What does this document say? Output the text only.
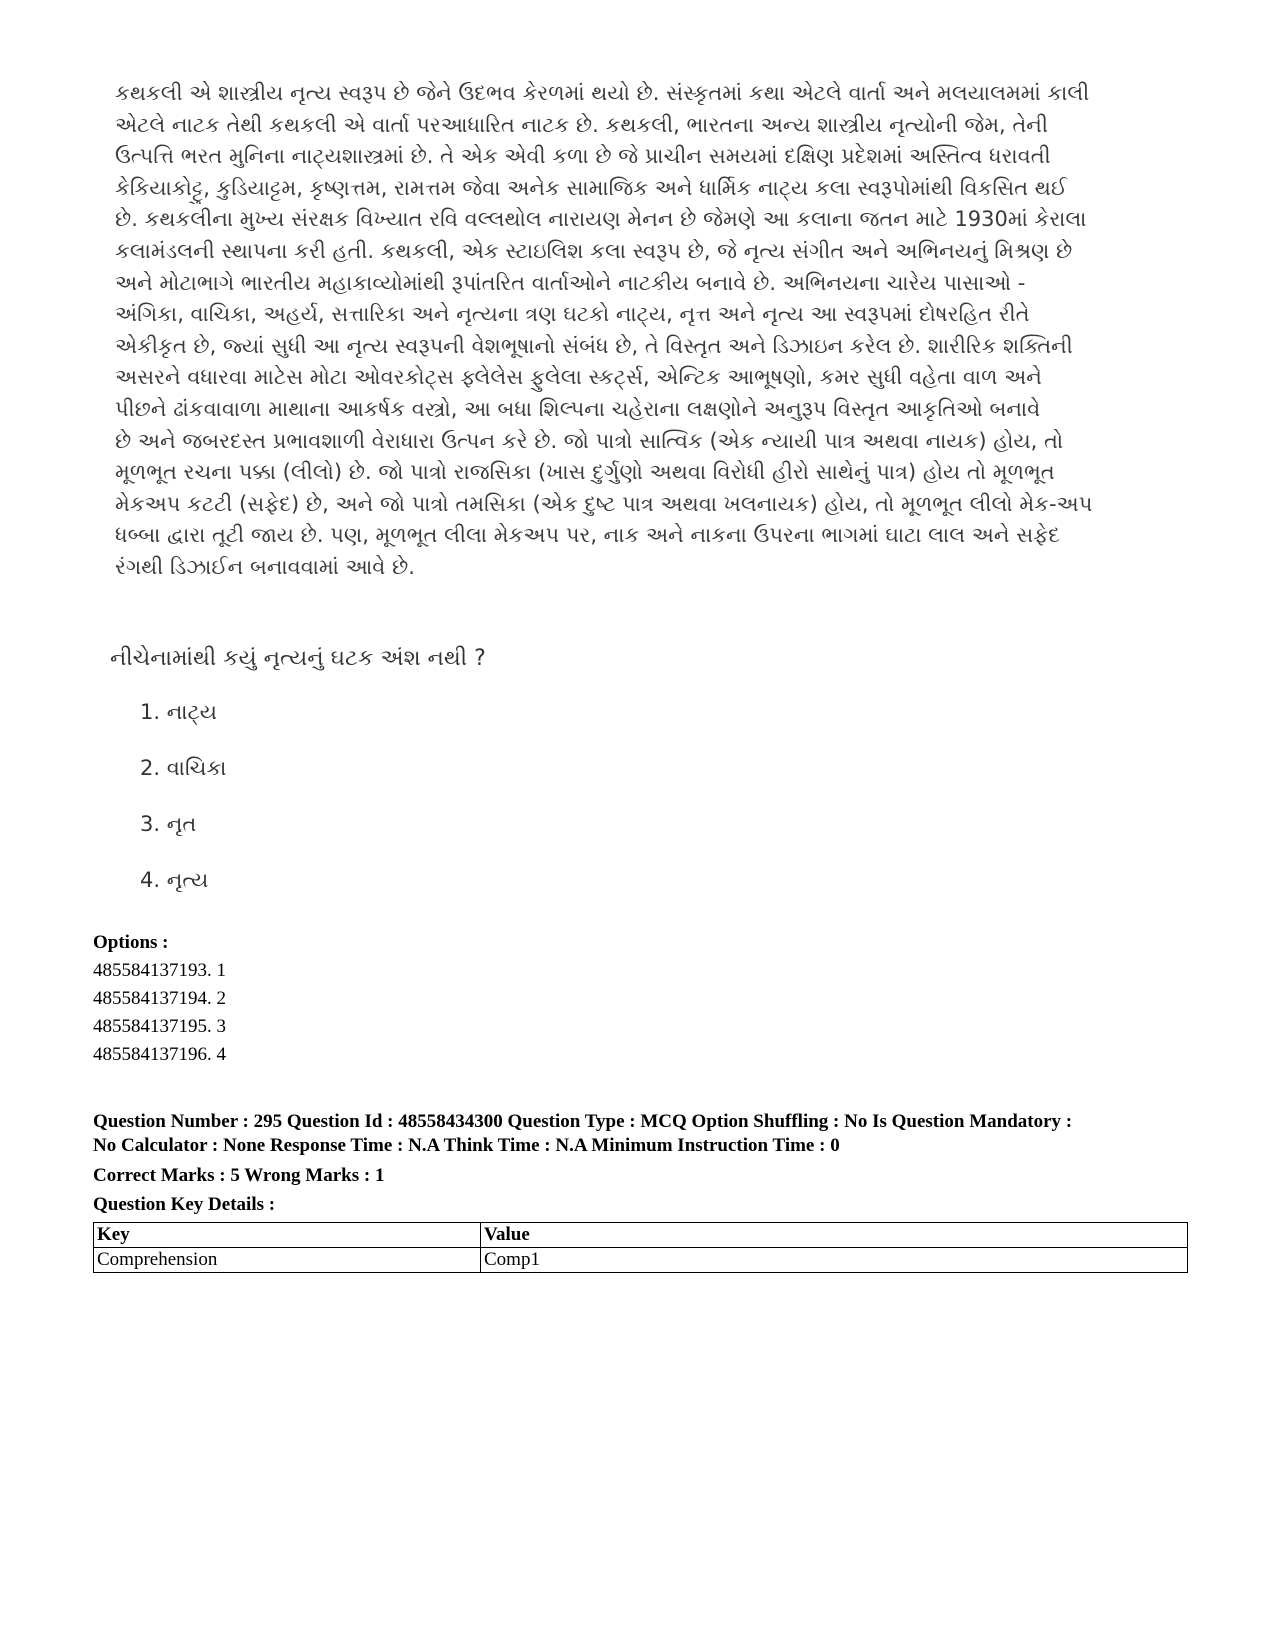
કથકલી એ શાસ્ત્રીય નૃત્ય સ્વરૂપ છે જેને ઉદભવ કેરળમાં થયો છે. સંસ્કૃતમાં કથા એટલે વાર્તા અને મલયાલમમાં કાલી
એટલે નાટક તેથી કથકલી એ વાર્તા પરઆધારિત નાટક છે. કથકલી, ભારતના અન્ય શાસ્ત્રીય નૃત્યોની જેમ, તેની
ઉત્પત્તિ ભરત મુનિના નાટ્યશાસ્ત્રમાં છે. તે એક એવી કળા છે જે પ્રાચીન સમયમાં દક્ષિણ પ્રદેશમાં અસ્તિત્વ ધરાવતી
કેકિયાકોટ્ટુ, કુડિયાટ્ટમ, કૃષ્ણત્તમ, રામત્તમ જેવા અનેક સામાજિક અને ધાર્મિક નાટ્ય કલા સ્વરૂપોમાંથી વિકસિત થઈ
છે. કથકલીના મુખ્ય સંરક્ષક વિખ્યાત રવિ વલ્લથોલ નારાયણ મેનન છે જેમણે આ કલાના જતન માટે 1930માં કેરાલા
કલામંડલની સ્થાપના કરી હતી. કથકલી, એક સ્ટાઇલિશ કલા સ્વરૂપ છે, જે નૃત્ય સંગીત અને અભિનયનું મિશ્રણ છે
અને મોટાભાગે ભારતીય મહાકાવ્યોમાંથી રૂપાંતરિત વાર્તાઓને નાટકીય બનાવે છે. અભિનયના ચારેય પાસાઓ -
અંગિકા, વાચિકા, અહર્ય, સત્તારિકા અને નૃત્યના ત્રણ ઘટકો નાટ્ય, નૃત્ત અને નૃત્ય આ સ્વરૂપમાં દોષરહિત રીતે
એકીકૃત છે, જ્યાં સુધી આ નૃત્ય સ્વરૂપની વેશભૂષાનો સંબંધ છે, તે વિસ્તૃત અને ડિઝાઇન કરેલ છે. શારીરિક શક્તિની
અસરને વધારવા માટેસ મોટા ઓવરકોટ્સ ફ્લેલેસ ફુલેલા સ્કર્ટ્સ, એન્ટિક આભૂષણો, કમર સુધી વહેતા વાળ અને
પીછને ઢાંકવાવાળા માથાના આકર્ષક વસ્ત્રો, આ બધા શિલ્પના ચહેરાના લક્ષણોને અનુરૂપ વિસ્તૃત આકૃતિઓ બનાવે
છે અને જબરદસ્ત પ્રભાવશાળી વેરાધારા ઉત્પન કરે છે. જો પાત્રો સાત્વિક (એક ન્યાયી પાત્ર અથવા નાયક) હોય, તો
મૂળભૂત રચના પક્કા (લીલો) છે. જો પાત્રો રાજસિકા (ખાસ દુર્ગુણો અથવા વિરોધી હીરો સાથેનું પાત્ર) હોય તો મૂળભૂત
મેકઅપ કટટી (સફેદ) છે, અને જો પાત્રો તમસિકા (એક દુષ્ટ પાત્ર અથવા ખલનાયક) હોય, તો મૂળભૂત લીલો મેક-અપ
ધબ્બા દ્વારા તૂટી જાય છે. પણ, મૂળભૂત લીલા મેકઅપ પર, નાક અને નાકના ઉપરના ભાગમાં ઘાટા લાલ અને સફેદ
રંગથી ડિઝાઈન બનાવવામાં આવે છે.
નીચેનામાંથી કયું નૃત્યનું ઘટક અંશ નથી ?
1. નાટ્ય
2. વાચિકા
3. નૃત
4. નૃત્ય
Options :
485584137193. 1
485584137194. 2
485584137195. 3
485584137196. 4
Question Number : 295 Question Id : 48558434300 Question Type : MCQ Option Shuffling : No Is Question Mandatory :
No Calculator : None Response Time : N.A Think Time : N.A Minimum Instruction Time : 0
Correct Marks : 5 Wrong Marks : 1
Question Key Details :
Key	Value
Comprehension	Comp1
